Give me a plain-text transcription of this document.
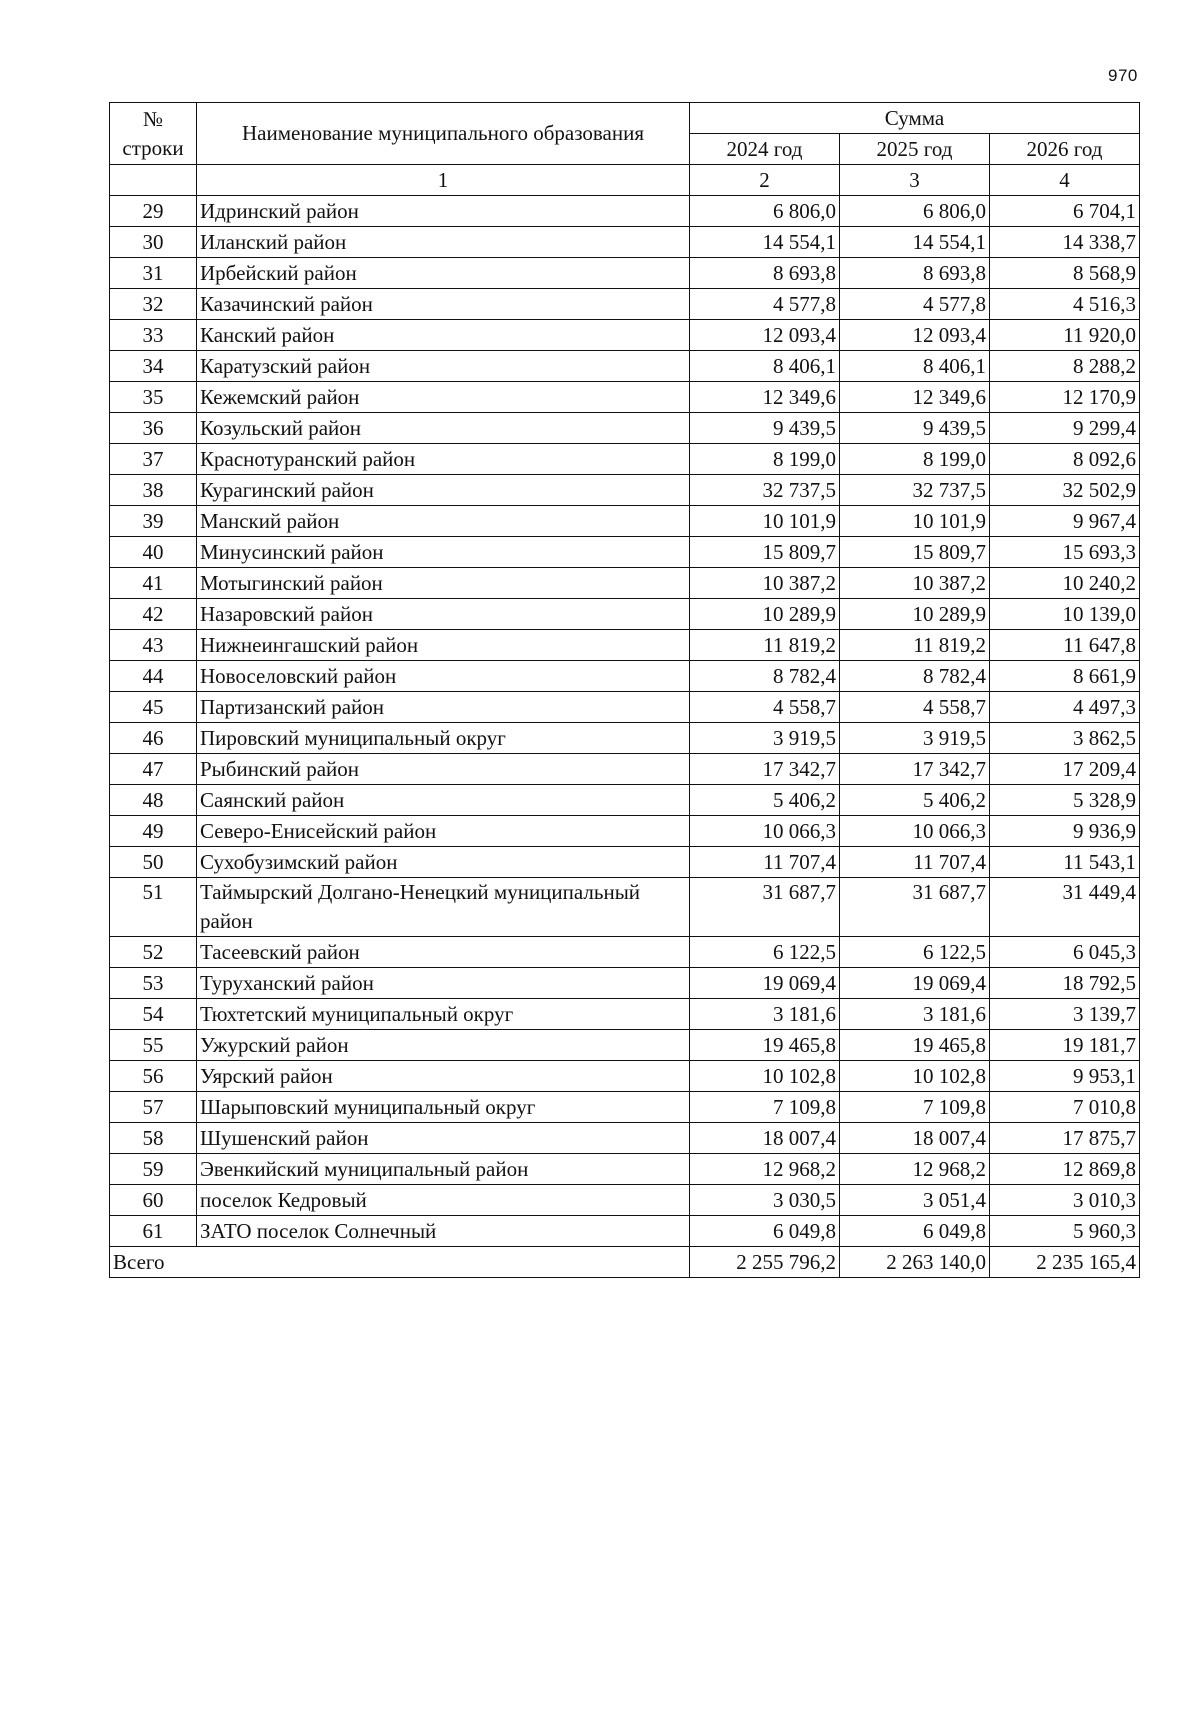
970
№
строки	Наименование муниципального образования	Сумма		
		2024 год	2025 год	2026 год
	1	2	3	4
29	Идринский район	6 806,0	6 806,0	6 704,1
30	Иланский район	14 554,1	14 554,1	14 338,7
31	Ирбейский район	8 693,8	8 693,8	8 568,9
32	Казачинский район	4 577,8	4 577,8	4 516,3
33	Канский район	12 093,4	12 093,4	11 920,0
34	Каратузский район	8 406,1	8 406,1	8 288,2
35	Кежемский район	12 349,6	12 349,6	12 170,9
36	Козульский район	9 439,5	9 439,5	9 299,4
37	Краснотуранский район	8 199,0	8 199,0	8 092,6
38	Курагинский район	32 737,5	32 737,5	32 502,9
39	Манский район	10 101,9	10 101,9	9 967,4
40	Минусинский район	15 809,7	15 809,7	15 693,3
41	Мотыгинский район	10 387,2	10 387,2	10 240,2
42	Назаровский район	10 289,9	10 289,9	10 139,0
43	Нижнеингашский район	11 819,2	11 819,2	11 647,8
44	Новоселовский район	8 782,4	8 782,4	8 661,9
45	Партизанский район	4 558,7	4 558,7	4 497,3
46	Пировский муниципальный округ	3 919,5	3 919,5	3 862,5
47	Рыбинский район	17 342,7	17 342,7	17 209,4
48	Саянский район	5 406,2	5 406,2	5 328,9
49	Северо-Енисейский район	10 066,3	10 066,3	9 936,9
50	Сухобузимский район	11 707,4	11 707,4	11 543,1
51	Таймырский Долгано-Ненецкий муниципальный район	31 687,7	31 687,7	31 449,4
52	Тасеевский район	6 122,5	6 122,5	6 045,3
53	Туруханский район	19 069,4	19 069,4	18 792,5
54	Тюхтетский муниципальный округ	3 181,6	3 181,6	3 139,7
55	Ужурский район	19 465,8	19 465,8	19 181,7
56	Уярский район	10 102,8	10 102,8	9 953,1
57	Шарыповский муниципальный округ	7 109,8	7 109,8	7 010,8
58	Шушенский район	18 007,4	18 007,4	17 875,7
59	Эвенкийский муниципальный район	12 968,2	12 968,2	12 869,8
60	поселок Кедровый	3 030,5	3 051,4	3 010,3
61	ЗАТО поселок Солнечный	6 049,8	6 049,8	5 960,3
Всего		2 255 796,2	2 263 140,0	2 235 165,4
